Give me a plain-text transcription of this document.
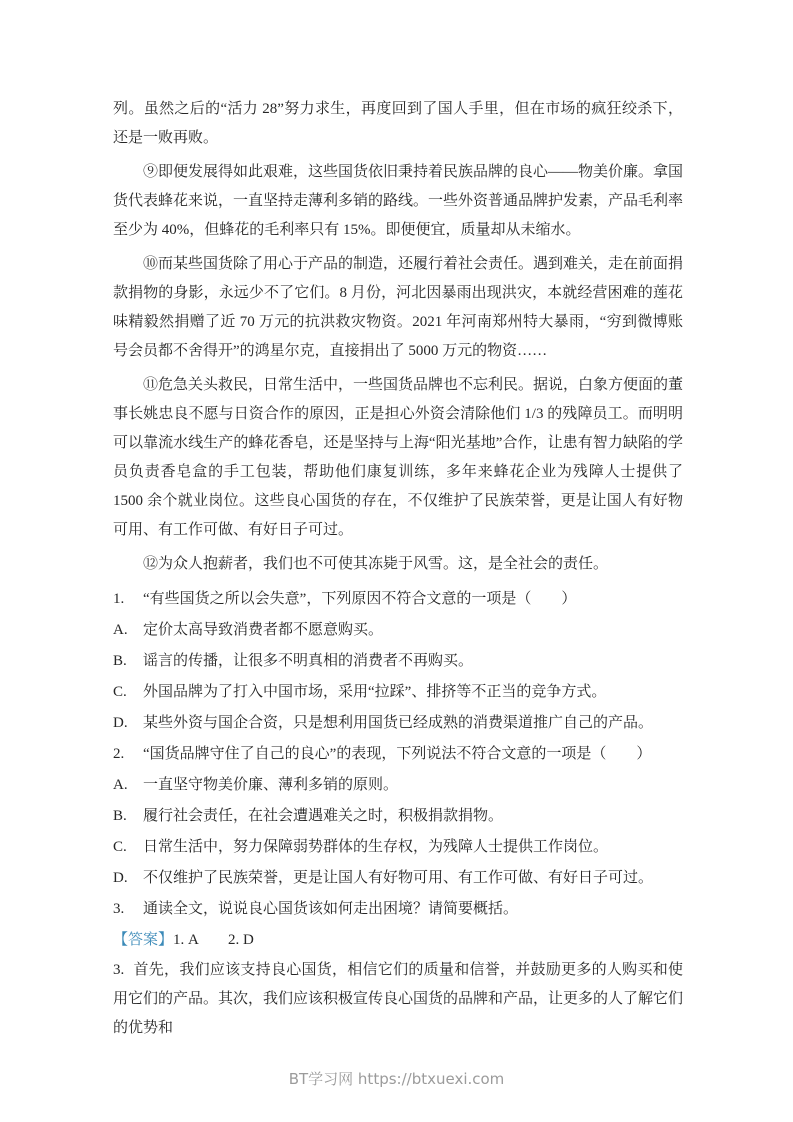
列。虽然之后的“活力 28”努力求生，再度回到了国人手里，但在市场的疯狂绞杀下，还是一败再败。

⑨即便发展得如此艰难，这些国货依旧秉持着民族品牌的良心——物美价廉。拿国货代表蜂花来说，一直坚持走薄利多销的路线。一些外资普通品牌护发素，产品毛利率至少为 40%，但蜂花的毛利率只有 15%。即便便宜，质量却从未缩水。

⑩而某些国货除了用心于产品的制造，还履行着社会责任。遇到难关，走在前面捐款捐物的身影，永远少不了它们。8 月份，河北因暴雨出现洪灾，本就经营困难的莲花味精毅然捐赠了近 70 万元的抗洪救灾物资。2021 年河南郑州特大暴雨，“穷到微博账号会员都不舍得开”的鸿星尔克，直接捐出了 5000 万元的物资……

⑪危急关头救民，日常生活中，一些国货品牌也不忘利民。据说，白象方便面的董事长姚忠良不愿与日资合作的原因，正是担心外资会清除他们 1/3 的残障员工。而明明可以靠流水线生产的蜂花香皂，还是坚持与上海“阳光基地”合作，让患有智力缺陷的学员负责香皂盒的手工包装，帮助他们康复训练，多年来蜂花企业为残障人士提供了 1500 余个就业岗位。这些良心国货的存在，不仅维护了民族荣誉，更是让国人有好物可用、有工作可做、有好日子可过。

⑫为众人抱薪者，我们也不可使其冻毙于风雪。这，是全社会的责任。

1. “有些国货之所以会失意”，下列原因不符合文意的一项是（　　）

A. 定价太高导致消费者都不愿意购买。

B. 谣言的传播，让很多不明真相的消费者不再购买。

C. 外国品牌为了打入中国市场，采用“拉踩”、排挤等不正当的竞争方式。

D. 某些外资与国企合资，只是想利用国货已经成熟的消费渠道推广自己的产品。

2. “国货品牌守住了自己的良心”的表现，下列说法不符合文意的一项是（　　）

A. 一直坚守物美价廉、薄利多销的原则。

B. 履行社会责任，在社会遭遇难关之时，积极捐款捐物。

C. 日常生活中，努力保障弱势群体的生存权，为残障人士提供工作岗位。

D. 不仅维护了民族荣誉，更是让国人有好物可用、有工作可做、有好日子可过。

3. 通读全文，说说良心国货该如何走出困境？请简要概括。

【答案】1. A　　2. D

3. 首先，我们应该支持良心国货，相信它们的质量和信誉，并鼓励更多的人购买和使用它们的产品。其次，我们应该积极宣传良心国货的品牌和产品，让更多的人了解它们的优势和

BT学习网 https://btxuexi.com
